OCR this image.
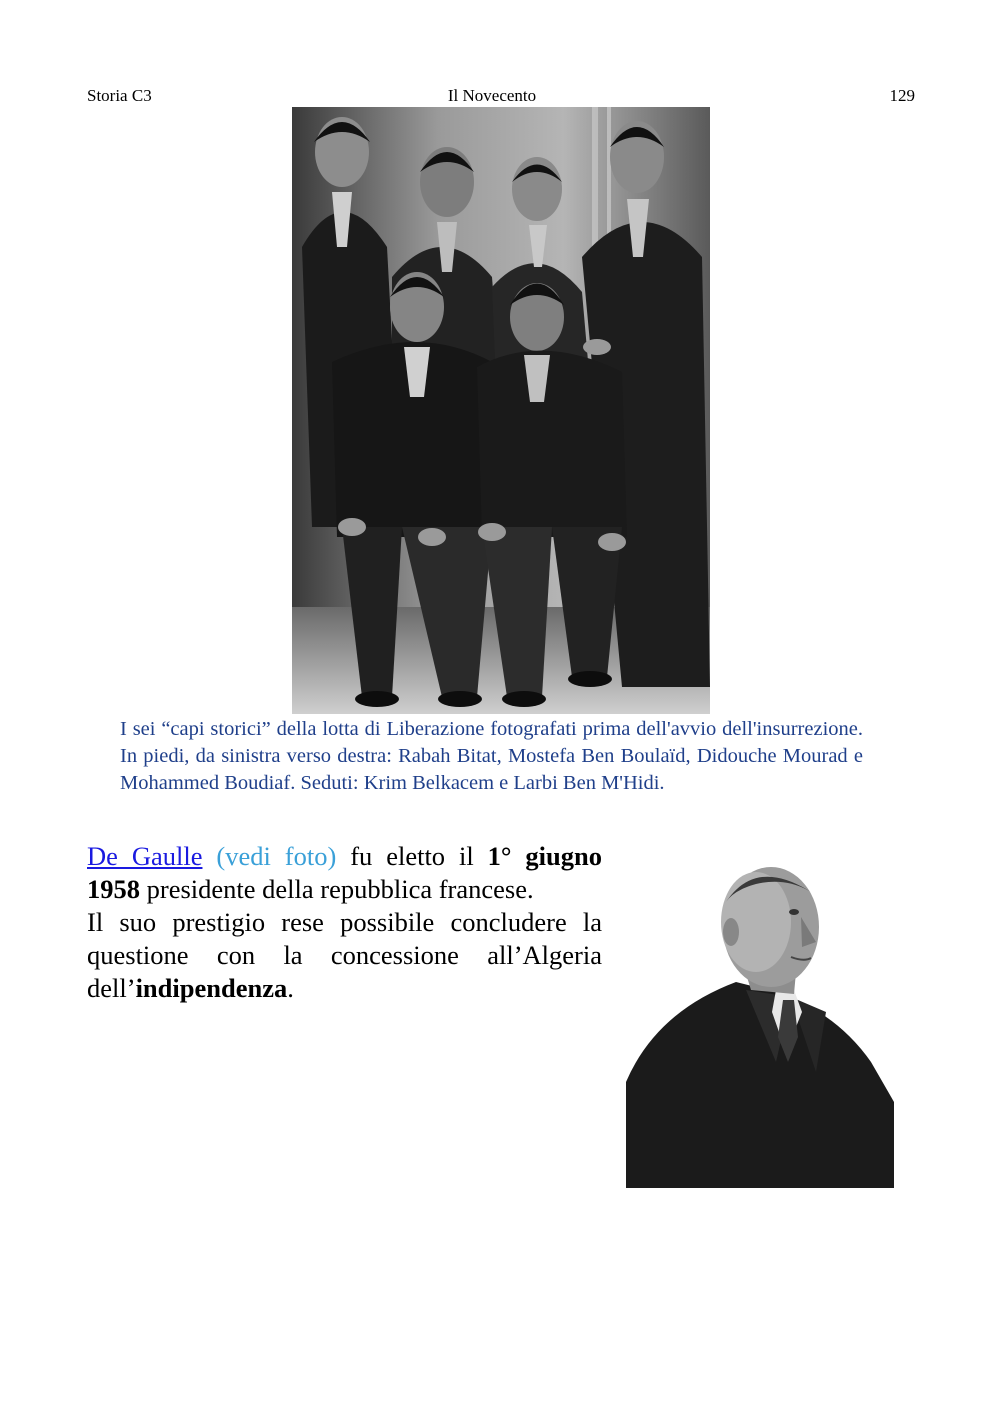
Storia C3	Il Novecento	129
I sei “capi storici” della lotta di Liberazione fotografati prima dell'avvio dell'insurrezione. In piedi, da sinistra verso destra: Rabah Bitat, Mostefa Ben Boulaïd, Didouche Mourad e Mohammed Boudiaf. Seduti: Krim Belkacem e Larbi Ben M'Hidi.

De Gaulle (vedi foto) fu eletto il 1° giugno 1958 presidente della repubblica francese.

Il suo prestigio rese possibile concludere la questione con la concessione all’Algeria dell’indipendenza.
